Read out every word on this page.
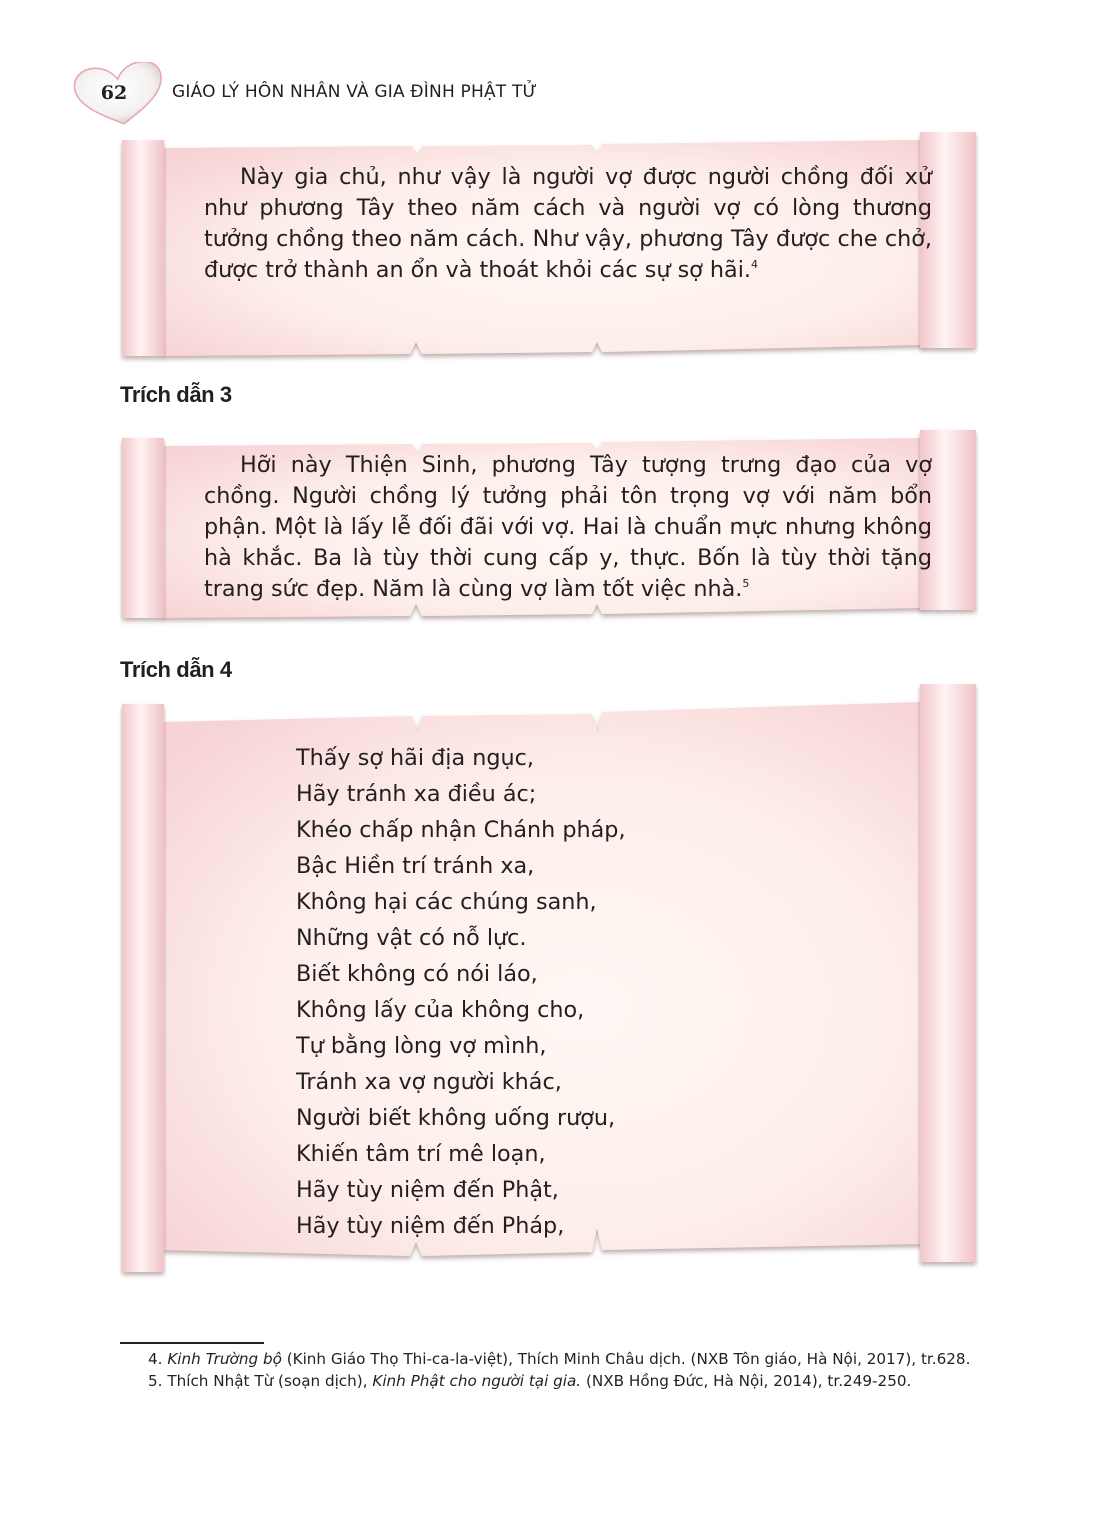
62	GIÁO LÝ HÔN NHÂN VÀ GIA ĐÌNH PHẬT TỬ
Này gia chủ, như vậy là người vợ được người chồng đối xử như phương Tây theo năm cách và người vợ có lòng thương tưởng chồng theo năm cách. Như vậy, phương Tây được che chở, được trở thành an ổn và thoát khỏi các sự sợ hãi.$^4$
Trích dẫn 3
Hỡi này Thiện Sinh, phương Tây tượng trưng đạo của vợ chồng. Người chồng lý tưởng phải tôn trọng vợ với năm bổn phận. Một là lấy lễ đối đãi với vợ. Hai là chuẩn mực nhưng không hà khắc. Ba là tùy thời cung cấp y, thực. Bốn là tùy thời tặng trang sức đẹp. Năm là cùng vợ làm tốt việc nhà.$^5$
Trích dẫn 4
Thấy sợ hãi địa ngục,
Hãy tránh xa điều ác;
Khéo chấp nhận Chánh pháp,
Bậc Hiền trí tránh xa,
Không hại các chúng sanh,
Những vật có nỗ lực.
Biết không có nói láo,
Không lấy của không cho,
Tự bằng lòng vợ mình,
Tránh xa vợ người khác,
Người biết không uống rượu,
Khiến tâm trí mê loạn,
Hãy tùy niệm đến Phật,
Hãy tùy niệm đến Pháp,

4. Kinh Trường bộ (Kinh Giáo Thọ Thi-ca-la-việt), Thích Minh Châu dịch. (NXB Tôn giáo, Hà Nội, 2017), tr.628.

5. Thích Nhật Từ (soạn dịch), Kinh Phật cho người tại gia. (NXB Hồng Đức, Hà Nội, 2014), tr.249-250.
